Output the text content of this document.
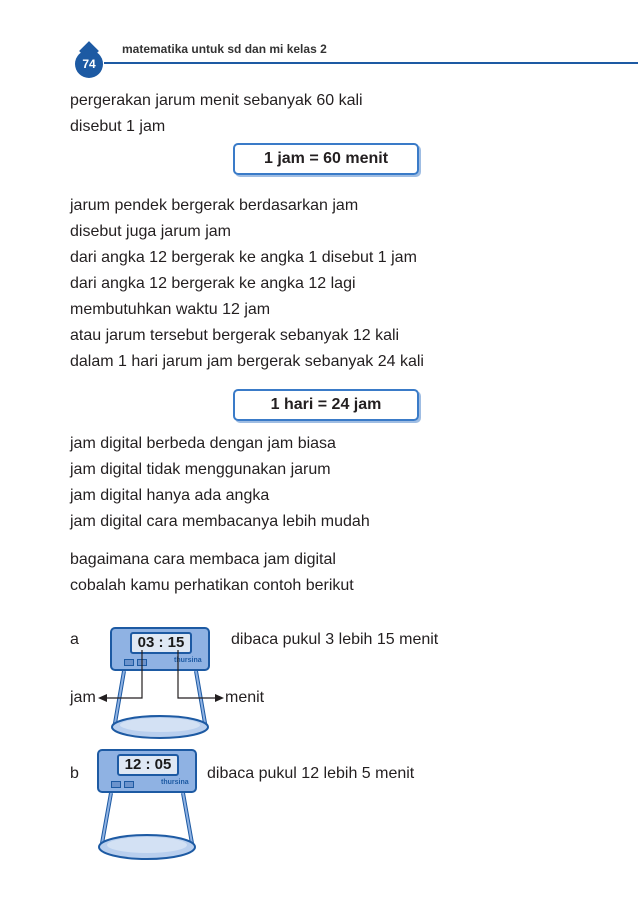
74
matematika untuk sd dan mi kelas 2
pergerakan jarum menit sebanyak 60 kali
disebut 1 jam
1 jam = 60 menit
jarum pendek bergerak berdasarkan jam
disebut juga jarum jam
dari angka 12 bergerak ke angka 1 disebut 1 jam
dari angka 12 bergerak ke angka 12 lagi
membutuhkan waktu 12 jam
atau jarum tersebut bergerak sebanyak 12 kali
dalam 1 hari jarum jam bergerak sebanyak 24 kali
1 hari = 24 jam
jam digital berbeda dengan jam biasa
jam digital tidak menggunakan jarum
jam digital hanya ada angka
jam digital cara membacanya lebih mudah
bagaimana cara membaca jam digital
cobalah kamu perhatikan contoh berikut
a	03 : 15
thursina
dibaca pukul 3 lebih 15 menit
jam	menit
b
12 : 05
thursina
dibaca pukul 12 lebih 5 menit
